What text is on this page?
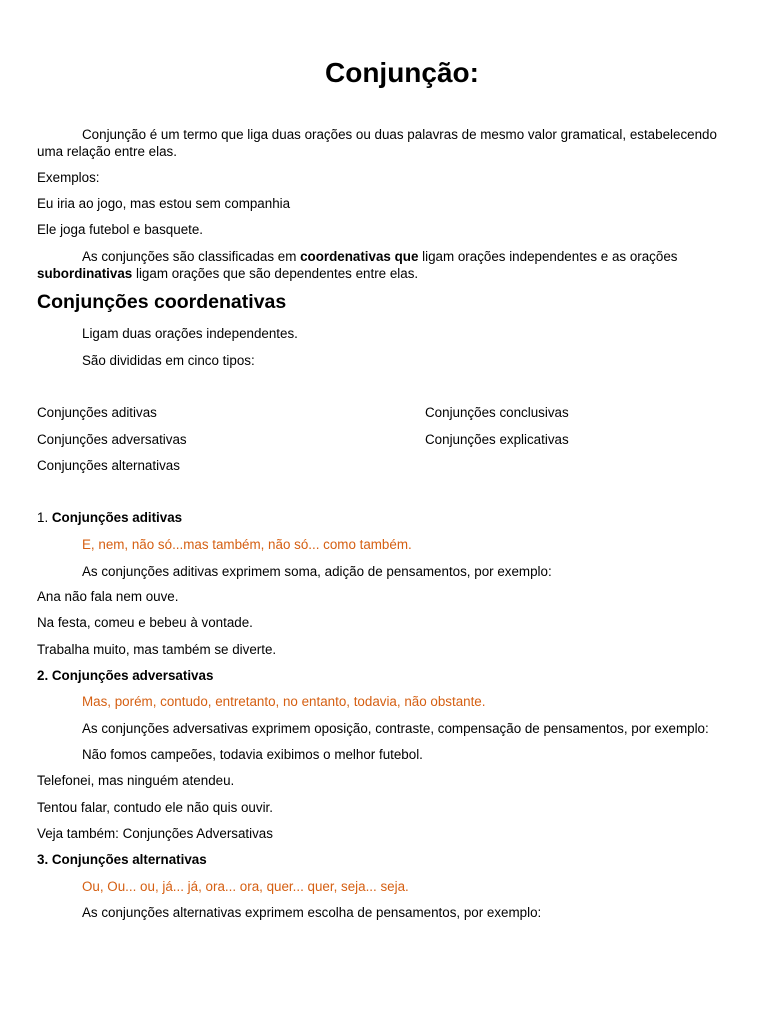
Conjunção:
Conjunção é um termo que liga duas orações ou duas palavras de mesmo valor gramatical, estabelecendo
uma relação entre elas.
Exemplos:
Eu iria ao jogo, mas estou sem companhia
Ele joga futebol e basquete.
As conjunções são classificadas em coordenativas que ligam orações independentes e as orações
subordinativas ligam orações que são dependentes entre elas.
Conjunções coordenativas
Ligam duas orações independentes.
São divididas em cinco tipos:
Conjunções aditivas	Conjunções conclusivas
Conjunções adversativas	Conjunções explicativas
Conjunções alternativas
1. Conjunções aditivas
E, nem, não só...mas também, não só... como também.
As conjunções aditivas exprimem soma, adição de pensamentos, por exemplo:
Ana não fala nem ouve.
Na festa, comeu e bebeu à vontade.
Trabalha muito, mas também se diverte.
2. Conjunções adversativas
Mas, porém, contudo, entretanto, no entanto, todavia, não obstante.
As conjunções adversativas exprimem oposição, contraste, compensação de pensamentos, por exemplo:
Não fomos campeões, todavia exibimos o melhor futebol.
Telefonei, mas ninguém atendeu.
Tentou falar, contudo ele não quis ouvir.
Veja também: Conjunções Adversativas
3. Conjunções alternativas
Ou, Ou... ou, já... já, ora... ora, quer... quer, seja... seja.
As conjunções alternativas exprimem escolha de pensamentos, por exemplo:
